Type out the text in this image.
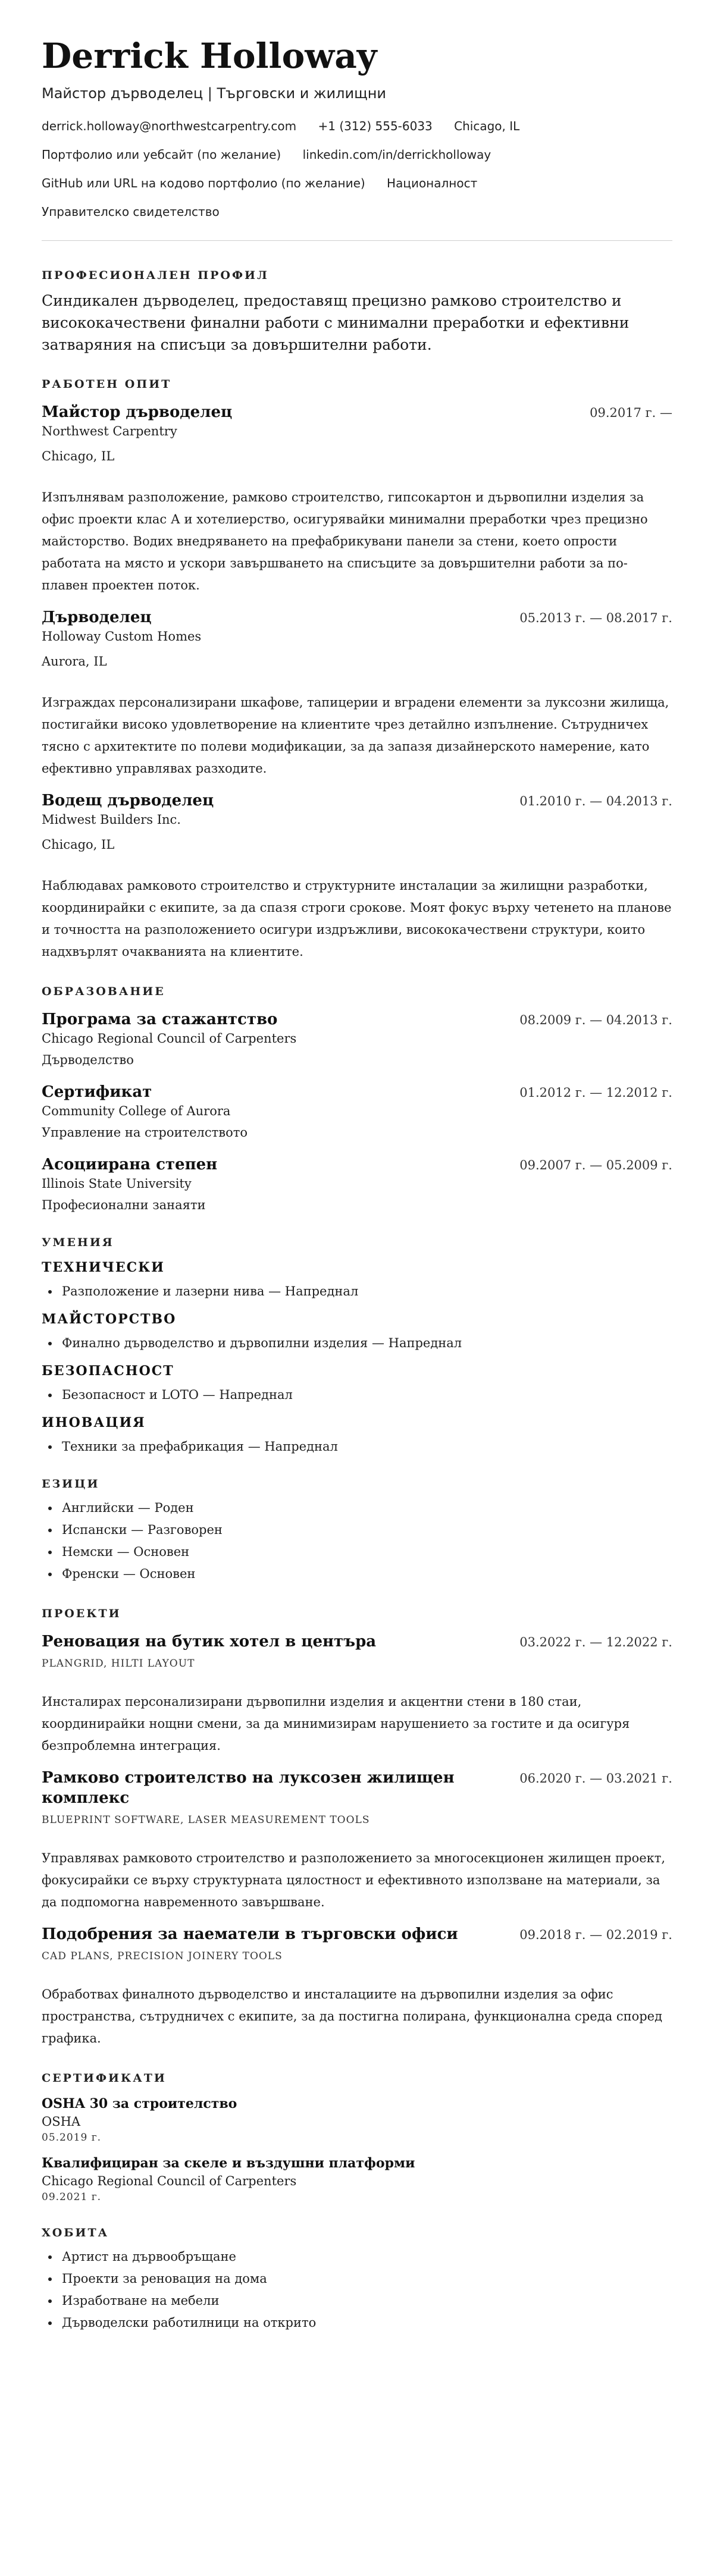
Derrick Holloway
Майстор дърводелец | Търговски и жилищни
derrick.holloway@northwestcarpentry.com +1 (312) 555-6033 Chicago, IL
Портфолио или уебсайт (по желание) linkedin.com/in/derrickholloway
GitHub или URL на кодово портфолио (по желание) Националност
Управителско свидетелство
ПРОФЕСИОНАЛЕН ПРОФИЛ
Синдикален дърводелец, предоставящ прецизно рамково строителство и висококачествени финални работи с минимални преработки и ефективни затваряния на списъци за довършителни работи.
РАБОТЕН ОПИТ
Майстор дърводелец	09.2017 г. —
Northwest Carpentry
Chicago, IL
Изпълнявам разположение, рамково строителство, гипсокартон и дървопилни изделия за офис проекти клас А и хотелиерство, осигурявайки минимални преработки чрез прецизно майсторство. Водих внедряването на префабрикувани панели за стени, което опрости работата на място и ускори завършването на списъците за довършителни работи за по-плавен проектен поток.
Дърводелец	05.2013 г. — 08.2017 г.
Holloway Custom Homes
Aurora, IL
Изграждах персонализирани шкафове, тапицерии и вградени елементи за луксозни жилища, постигайки високо удовлетворение на клиентите чрез детайлно изпълнение. Сътрудничех тясно с архитектите по полеви модификации, за да запазя дизайнерското намерение, като ефективно управлявах разходите.
Водещ дърводелец	01.2010 г. — 04.2013 г.
Midwest Builders Inc.
Chicago, IL
Наблюдавах рамковото строителство и структурните инсталации за жилищни разработки, координирайки с екипите, за да спазя строги срокове. Моят фокус върху четенето на планове и точността на разположението осигури издръжливи, висококачествени структури, които надхвърлят очакванията на клиентите.
ОБРАЗОВАНИЕ
Програма за стажантство	08.2009 г. — 04.2013 г.
Chicago Regional Council of Carpenters
Дърводелство
Сертификат	01.2012 г. — 12.2012 г.
Community College of Aurora
Управление на строителството
Асоциирана степен	09.2007 г. — 05.2009 г.
Illinois State University
Професионални занаяти
УМЕНИЯ
ТЕХНИЧЕСКИ
• Разположение и лазерни нива — Напреднал
МАЙСТОРСТВО
• Финално дърводелство и дървопилни изделия — Напреднал
БЕЗОПАСНОСТ
• Безопасност и LOTO — Напреднал
ИНОВАЦИЯ
• Техники за префабрикация — Напреднал
ЕЗИЦИ
• Английски — Роден
• Испански — Разговорен
• Немски — Основен
• Френски — Основен
ПРОЕКТИ
Реновация на бутик хотел в центъра	03.2022 г. — 12.2022 г.
PLANGRID, HILTI LAYOUT
Инсталирах персонализирани дървопилни изделия и акцентни стени в 180 стаи, координирайки нощни смени, за да минимизирам нарушението за гостите и да осигуря безпроблемна интеграция.
Рамково строителство на луксозен жилищен комплекс
06.2020 г. — 03.2021 г.
BLUEPRINT SOFTWARE, LASER MEASUREMENT TOOLS
Управлявах рамковото строителство и разположението за многосекционен жилищен проект, фокусирайки се върху структурната цялостност и ефективното използване на материали, за да подпомогна навременното завършване.
Подобрения за наематели в търговски офиси	09.2018 г. — 02.2019 г.
CAD PLANS, PRECISION JOINERY TOOLS
Обработвах финалното дърводелство и инсталациите на дървопилни изделия за офис пространства, сътрудничех с екипите, за да постигна полирана, функционална среда според графика.
СЕРТИФИКАТИ
OSHA 30 за строителство
OSHA
05.2019 г.
Квалифициран за скеле и въздушни платформи
Chicago Regional Council of Carpenters
09.2021 г.
ХОБИТА
• Артист на дървообръщане
• Проекти за реновация на дома
• Изработване на мебели
• Дърводелски работилници на открито
